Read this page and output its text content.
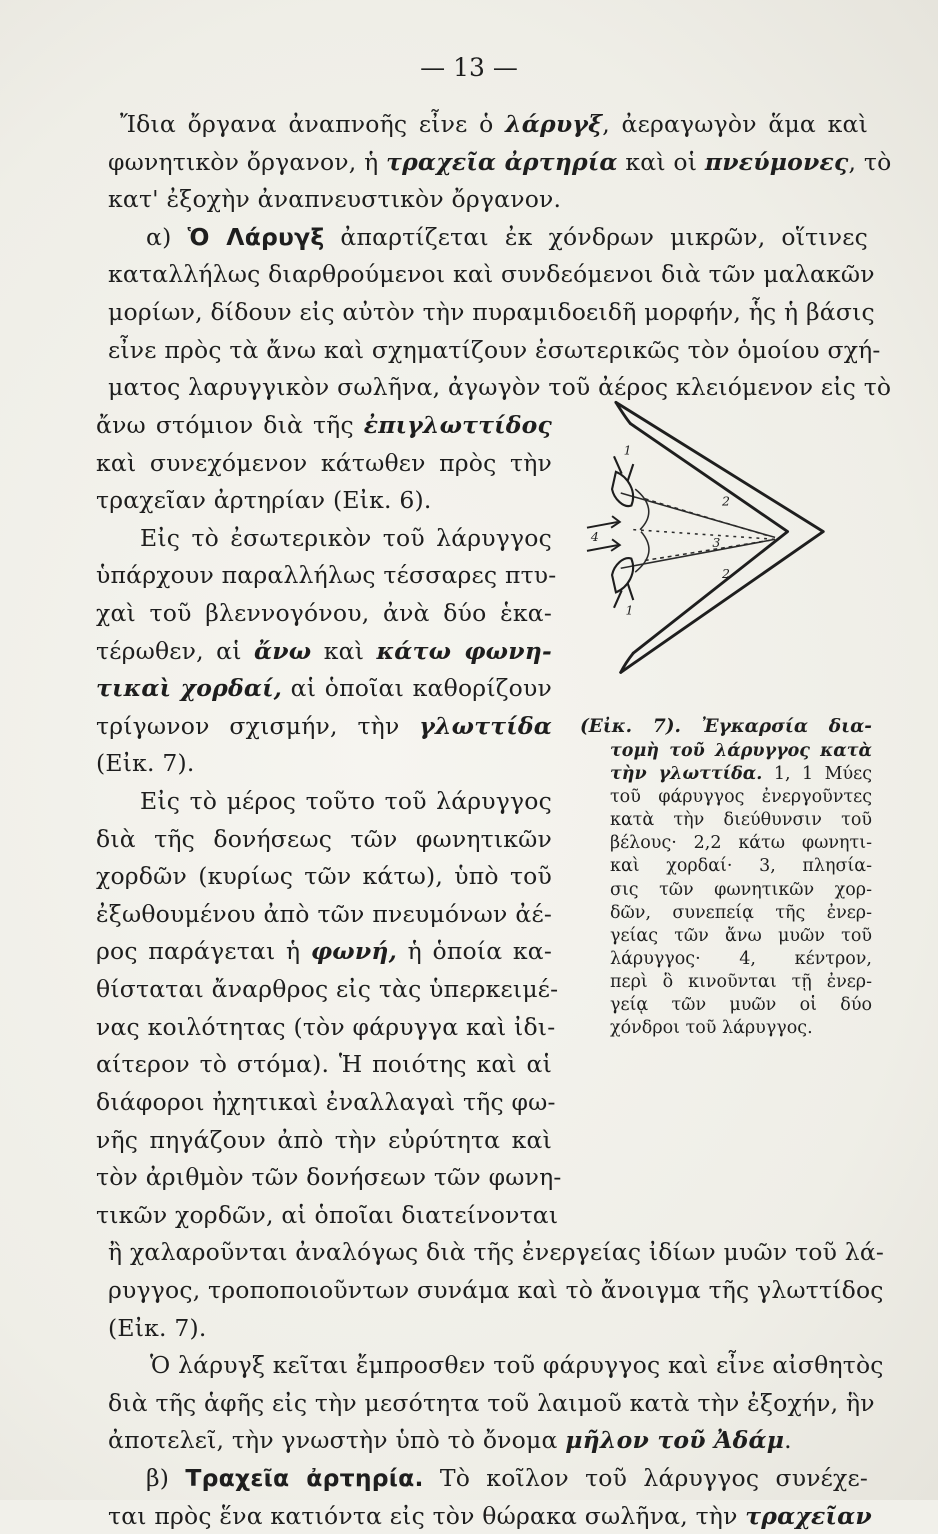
— 13 —
Ἴδια ὄργανα ἀναπνοῆς εἶνε ὁ λάρυγξ, ἀεραγωγὸν ἅμα καὶ
φωνητικὸν ὄργανον, ἡ τραχεῖα ἀρτηρία καὶ οἱ πνεύμονες, τὸ
κατ' ἐξοχὴν ἀναπνευστικὸν ὄργανον.
α) Ὁ Λάρυγξ ἀπαρτίζεται ἐκ χόνδρων μικρῶν, οἵτινες
καταλλήλως διαρθρούμενοι καὶ συνδεόμενοι διὰ τῶν μαλακῶν
μορίων, δίδουν εἰς αὐτὸν τὴν πυραμιδοειδῆ μορφήν, ἧς ἡ βάσις
εἶνε πρὸς τὰ ἄνω καὶ σχηματίζουν ἐσωτερικῶς τὸν ὁμοίου σχή-
ματος λαρυγγικὸν σωλῆνα, ἀγωγὸν τοῦ ἀέρος κλειόμενον εἰς τὸ
ἄνω στόμιον διὰ τῆς ἐπιγλωττίδος
καὶ συνεχόμενον κάτωθεν πρὸς τὴν
τραχεῖαν ἀρτηρίαν (Εἰκ. 6).
Εἰς τὸ ἐσωτερικὸν τοῦ λάρυγγος
ὑπάρχουν παραλλήλως τέσσαρες πτυ-
χαὶ τοῦ βλεννογόνου, ἀνὰ δύο ἑκα-
τέρωθεν, αἱ ἄνω καὶ κάτω φωνη-
τικαὶ χορδαί, αἱ ὁποῖαι καθορίζουν
τρίγωνον σχισμήν, τὴν γλωττίδα
(Εἰκ. 7).
Εἰς τὸ μέρος τοῦτο τοῦ λάρυγγος
διὰ τῆς δονήσεως τῶν φωνητικῶν
χορδῶν (κυρίως τῶν κάτω), ὑπὸ τοῦ
ἐξωθουμένου ἀπὸ τῶν πνευμόνων ἀέ-
ρος παράγεται ἡ φωνή, ἡ ὁποία κα-
θίσταται ἄναρθρος εἰς τὰς ὑπερκειμέ-
νας κοιλότητας (τὸν φάρυγγα καὶ ἰδι-
αίτερον τὸ στόμα). Ἡ ποιότης καὶ αἱ
διάφοροι ἠχητικαὶ ἐναλλαγαὶ τῆς φω-
νῆς πηγάζουν ἀπὸ τὴν εὐρύτητα καὶ
τὸν ἀριθμὸν τῶν δονήσεων τῶν φωνη-
τικῶν χορδῶν, αἱ ὁποῖαι διατείνονται
1
1
2
2
3
4
(Εἰκ. 7). Ἐγκαρσία δια-
τομὴ τοῦ λάρυγγος κατὰ
τὴν γλωττίδα. 1, 1 Μύες
τοῦ φάρυγγος ἐνεργοῦντες
κατὰ τὴν διεύθυνσιν τοῦ
βέλους· 2,2 κάτω φωνητι-
καὶ χορδαί· 3, πλησία-
σις τῶν φωνητικῶν χορ-
δῶν, συνεπείᾳ τῆς ἐνερ-
γείας τῶν ἄνω μυῶν τοῦ
λάρυγγος· 4, κέντρον,
περὶ ὃ κινοῦνται τῇ ἐνερ-
γείᾳ τῶν μυῶν οἱ δύο
χόνδροι τοῦ λάρυγγος.
ἢ χαλαροῦνται ἀναλόγως διὰ τῆς ἐνεργείας ἰδίων μυῶν τοῦ λά-
ρυγγος, τροποποιοῦντων συνάμα καὶ τὸ ἄνοιγμα τῆς γλωττίδος
(Εἰκ. 7).
Ὁ λάρυγξ κεῖται ἔμπροσθεν τοῦ φάρυγγος καὶ εἶνε αἰσθητὸς
διὰ τῆς ἁφῆς εἰς τὴν μεσότητα τοῦ λαιμοῦ κατὰ τὴν ἐξοχήν, ἣν
ἀποτελεῖ, τὴν γνωστὴν ὑπὸ τὸ ὄνομα μῆλον τοῦ Ἀδάμ.
β) Τραχεῖα ἀρτηρία. Τὸ κοῖλον τοῦ λάρυγγος συνέχε-
ται πρὸς ἕνα κατιόντα εἰς τὸν θώρακα σωλῆνα, τὴν τραχεῖαν
